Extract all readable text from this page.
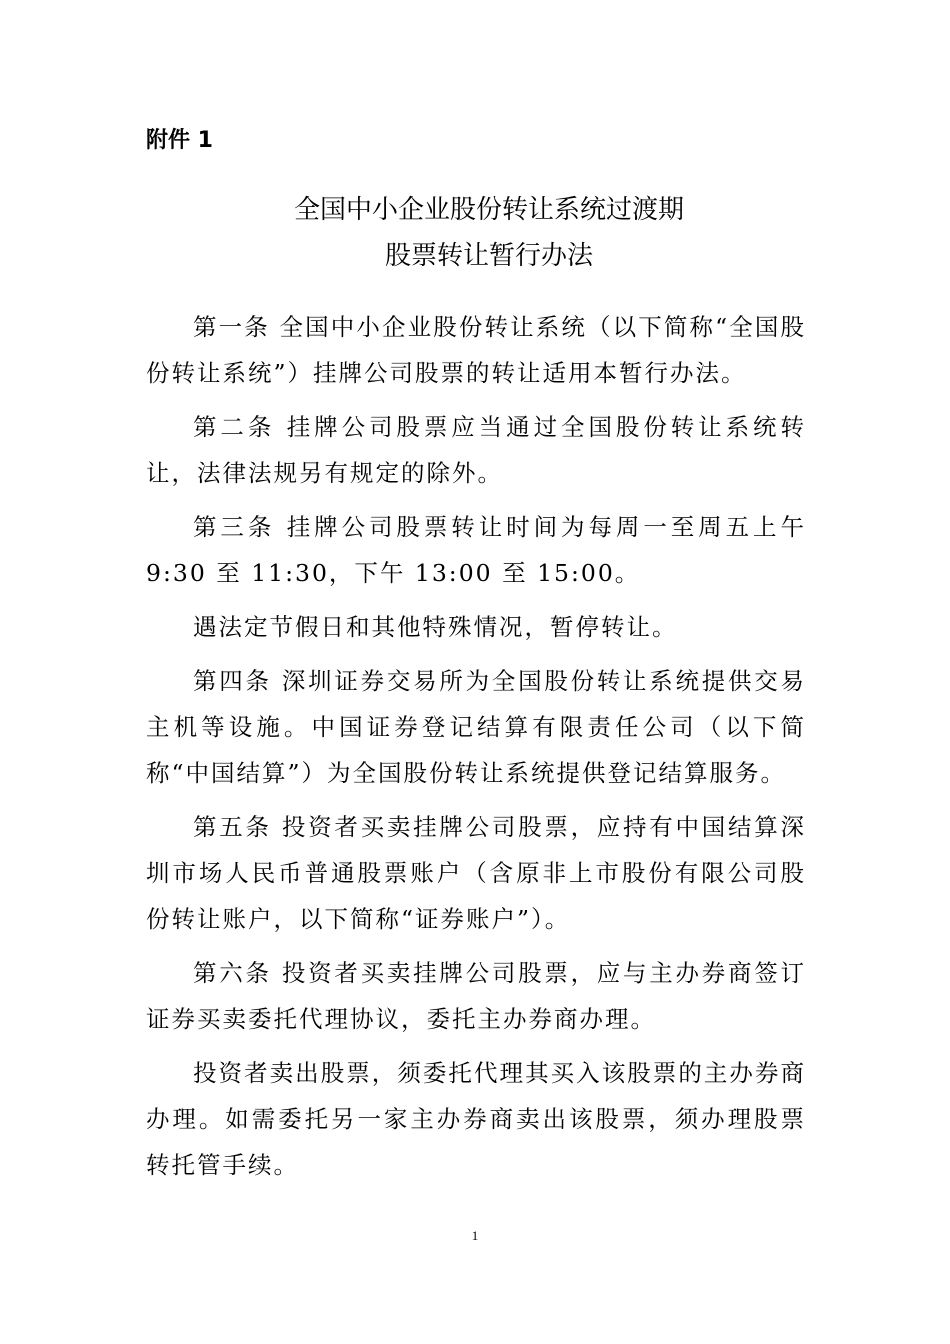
附件 1

全国中小企业股份转让系统过渡期
股票转让暂行办法

第一条 全国中小企业股份转让系统（以下简称“全国股份转让系统”）挂牌公司股票的转让适用本暂行办法。

第二条 挂牌公司股票应当通过全国股份转让系统转让，法律法规另有规定的除外。

第三条 挂牌公司股票转让时间为每周一至周五上午 9:30 至 11:30，下午 13:00 至 15:00。

遇法定节假日和其他特殊情况，暂停转让。

第四条 深圳证券交易所为全国股份转让系统提供交易主机等设施。中国证券登记结算有限责任公司（以下简称“中国结算”）为全国股份转让系统提供登记结算服务。

第五条 投资者买卖挂牌公司股票，应持有中国结算深圳市场人民币普通股票账户（含原非上市股份有限公司股份转让账户，以下简称“证券账户”）。

第六条 投资者买卖挂牌公司股票，应与主办券商签订证券买卖委托代理协议，委托主办券商办理。

投资者卖出股票，须委托代理其买入该股票的主办券商办理。如需委托另一家主办券商卖出该股票，须办理股票转托管手续。

1
